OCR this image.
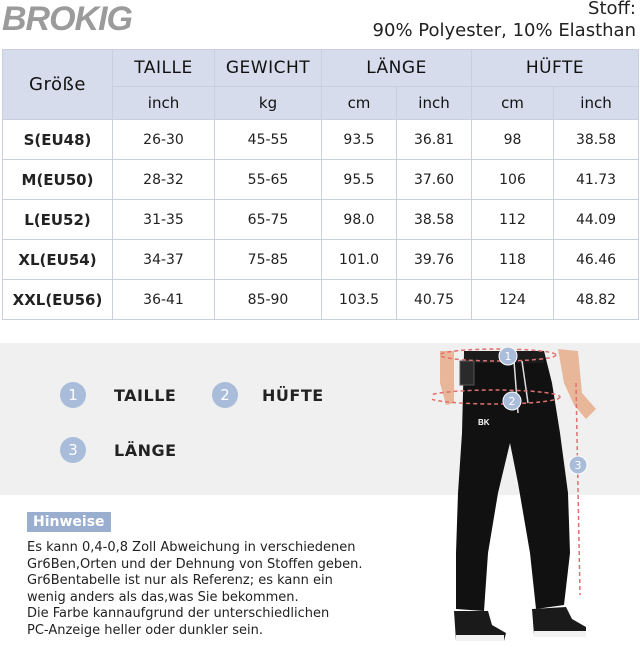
BROKIG	Stoff:
90% Polyester, 10% Elasthan
Größe	TAILLE	GEWICHT	LÄNGE		HÜFTE	
	inch	kg	cm	inch	cm	inch
S(EU48)	26-30	45-55	93.5	36.81	98	38.58
M(EU50)	28-32	55-65	95.5	37.60	106	41.73
L(EU52)	31-35	65-75	98.0	38.58	112	44.09
XL(EU54)	34-37	75-85	101.0	39.76	118	46.46
XXL(EU56)	36-41	85-90	103.5	40.75	124	48.82
1	TAILLE	2	HÜFTE
3	LÄNGE
BK
1
2
3
Hinweise
Es kann 0,4-0,8 Zoll Abweichung in verschiedenen
Gr6Ben,Orten und der Dehnung von Stoffen geben.
Gr6Bentabelle ist nur als Referenz; es kann ein
wenig anders als das,was Sie bekommen.
Die Farbe kannaufgrund der unterschiedlichen
PC-Anzeige heller oder dunkler sein.
